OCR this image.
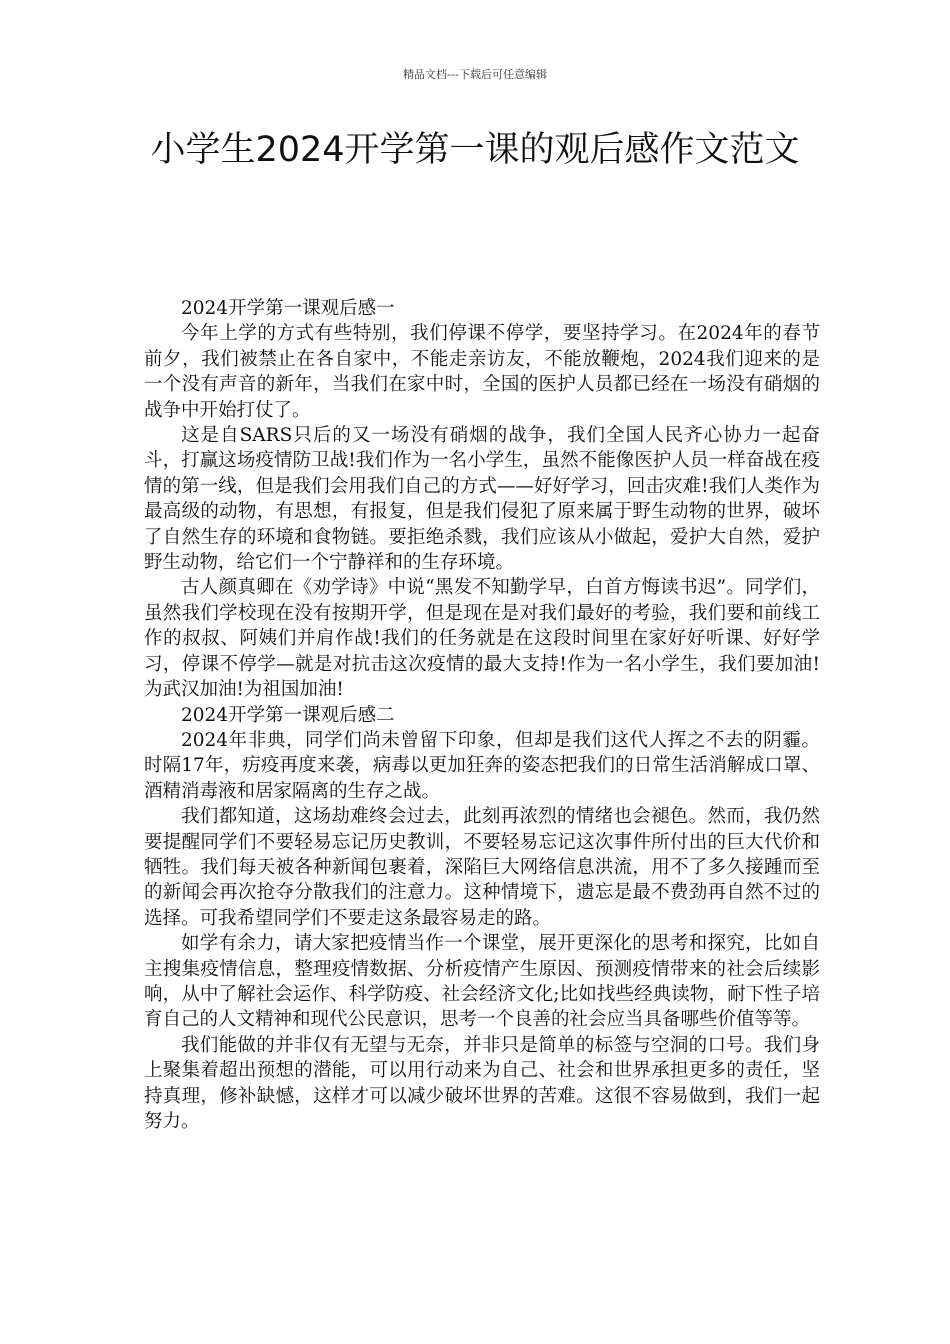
精品文档---下载后可任意编辑
小学生2024开学第一课的观后感作文范文

2024开学第一课观后感一

今年上学的方式有些特别，我们停课不停学，要坚持学习。在2024年的春节前夕，我们被禁止在各自家中，不能走亲访友，不能放鞭炮，2024我们迎来的是一个没有声音的新年，当我们在家中时，全国的医护人员都已经在一场没有硝烟的战争中开始打仗了。

这是自SARS只后的又一场没有硝烟的战争，我们全国人民齐心协力一起奋斗，打赢这场疫情防卫战!我们作为一名小学生，虽然不能像医护人员一样奋战在疫情的第一线，但是我们会用我们自己的方式——好好学习，回击灾难!我们人类作为最高级的动物，有思想，有报复，但是我们侵犯了原来属于野生动物的世界，破坏了自然生存的环境和食物链。要拒绝杀戮，我们应该从小做起，爱护大自然，爱护野生动物，给它们一个宁静祥和的生存环境。

古人颜真卿在《劝学诗》中说“黑发不知勤学早，白首方悔读书迟”。同学们，虽然我们学校现在没有按期开学，但是现在是对我们最好的考验，我们要和前线工作的叔叔、阿姨们并肩作战!我们的任务就是在这段时间里在家好好听课、好好学习，停课不停学—就是对抗击这次疫情的最大支持!作为一名小学生，我们要加油!为武汉加油!为祖国加油!

2024开学第一课观后感二

2024年非典，同学们尚未曾留下印象，但却是我们这代人挥之不去的阴霾。时隔17年，疠疫再度来袭，病毒以更加狂奔的姿态把我们的日常生活消解成口罩、酒精消毒液和居家隔离的生存之战。

我们都知道，这场劫难终会过去，此刻再浓烈的情绪也会褪色。然而，我仍然要提醒同学们不要轻易忘记历史教训，不要轻易忘记这次事件所付出的巨大代价和牺牲。我们每天被各种新闻包裹着，深陷巨大网络信息洪流，用不了多久接踵而至的新闻会再次抢夺分散我们的注意力。这种情境下，遗忘是最不费劲再自然不过的选择。可我希望同学们不要走这条最容易走的路。

如学有余力，请大家把疫情当作一个课堂，展开更深化的思考和探究，比如自主搜集疫情信息，整理疫情数据、分析疫情产生原因、预测疫情带来的社会后续影响，从中了解社会运作、科学防疫、社会经济文化;比如找些经典读物，耐下性子培育自己的人文精神和现代公民意识，思考一个良善的社会应当具备哪些价值等等。

我们能做的并非仅有无望与无奈，并非只是简单的标签与空洞的口号。我们身上聚集着超出预想的潜能，可以用行动来为自己、社会和世界承担更多的责任，坚持真理，修补缺憾，这样才可以减少破坏世界的苦难。这很不容易做到，我们一起努力。
